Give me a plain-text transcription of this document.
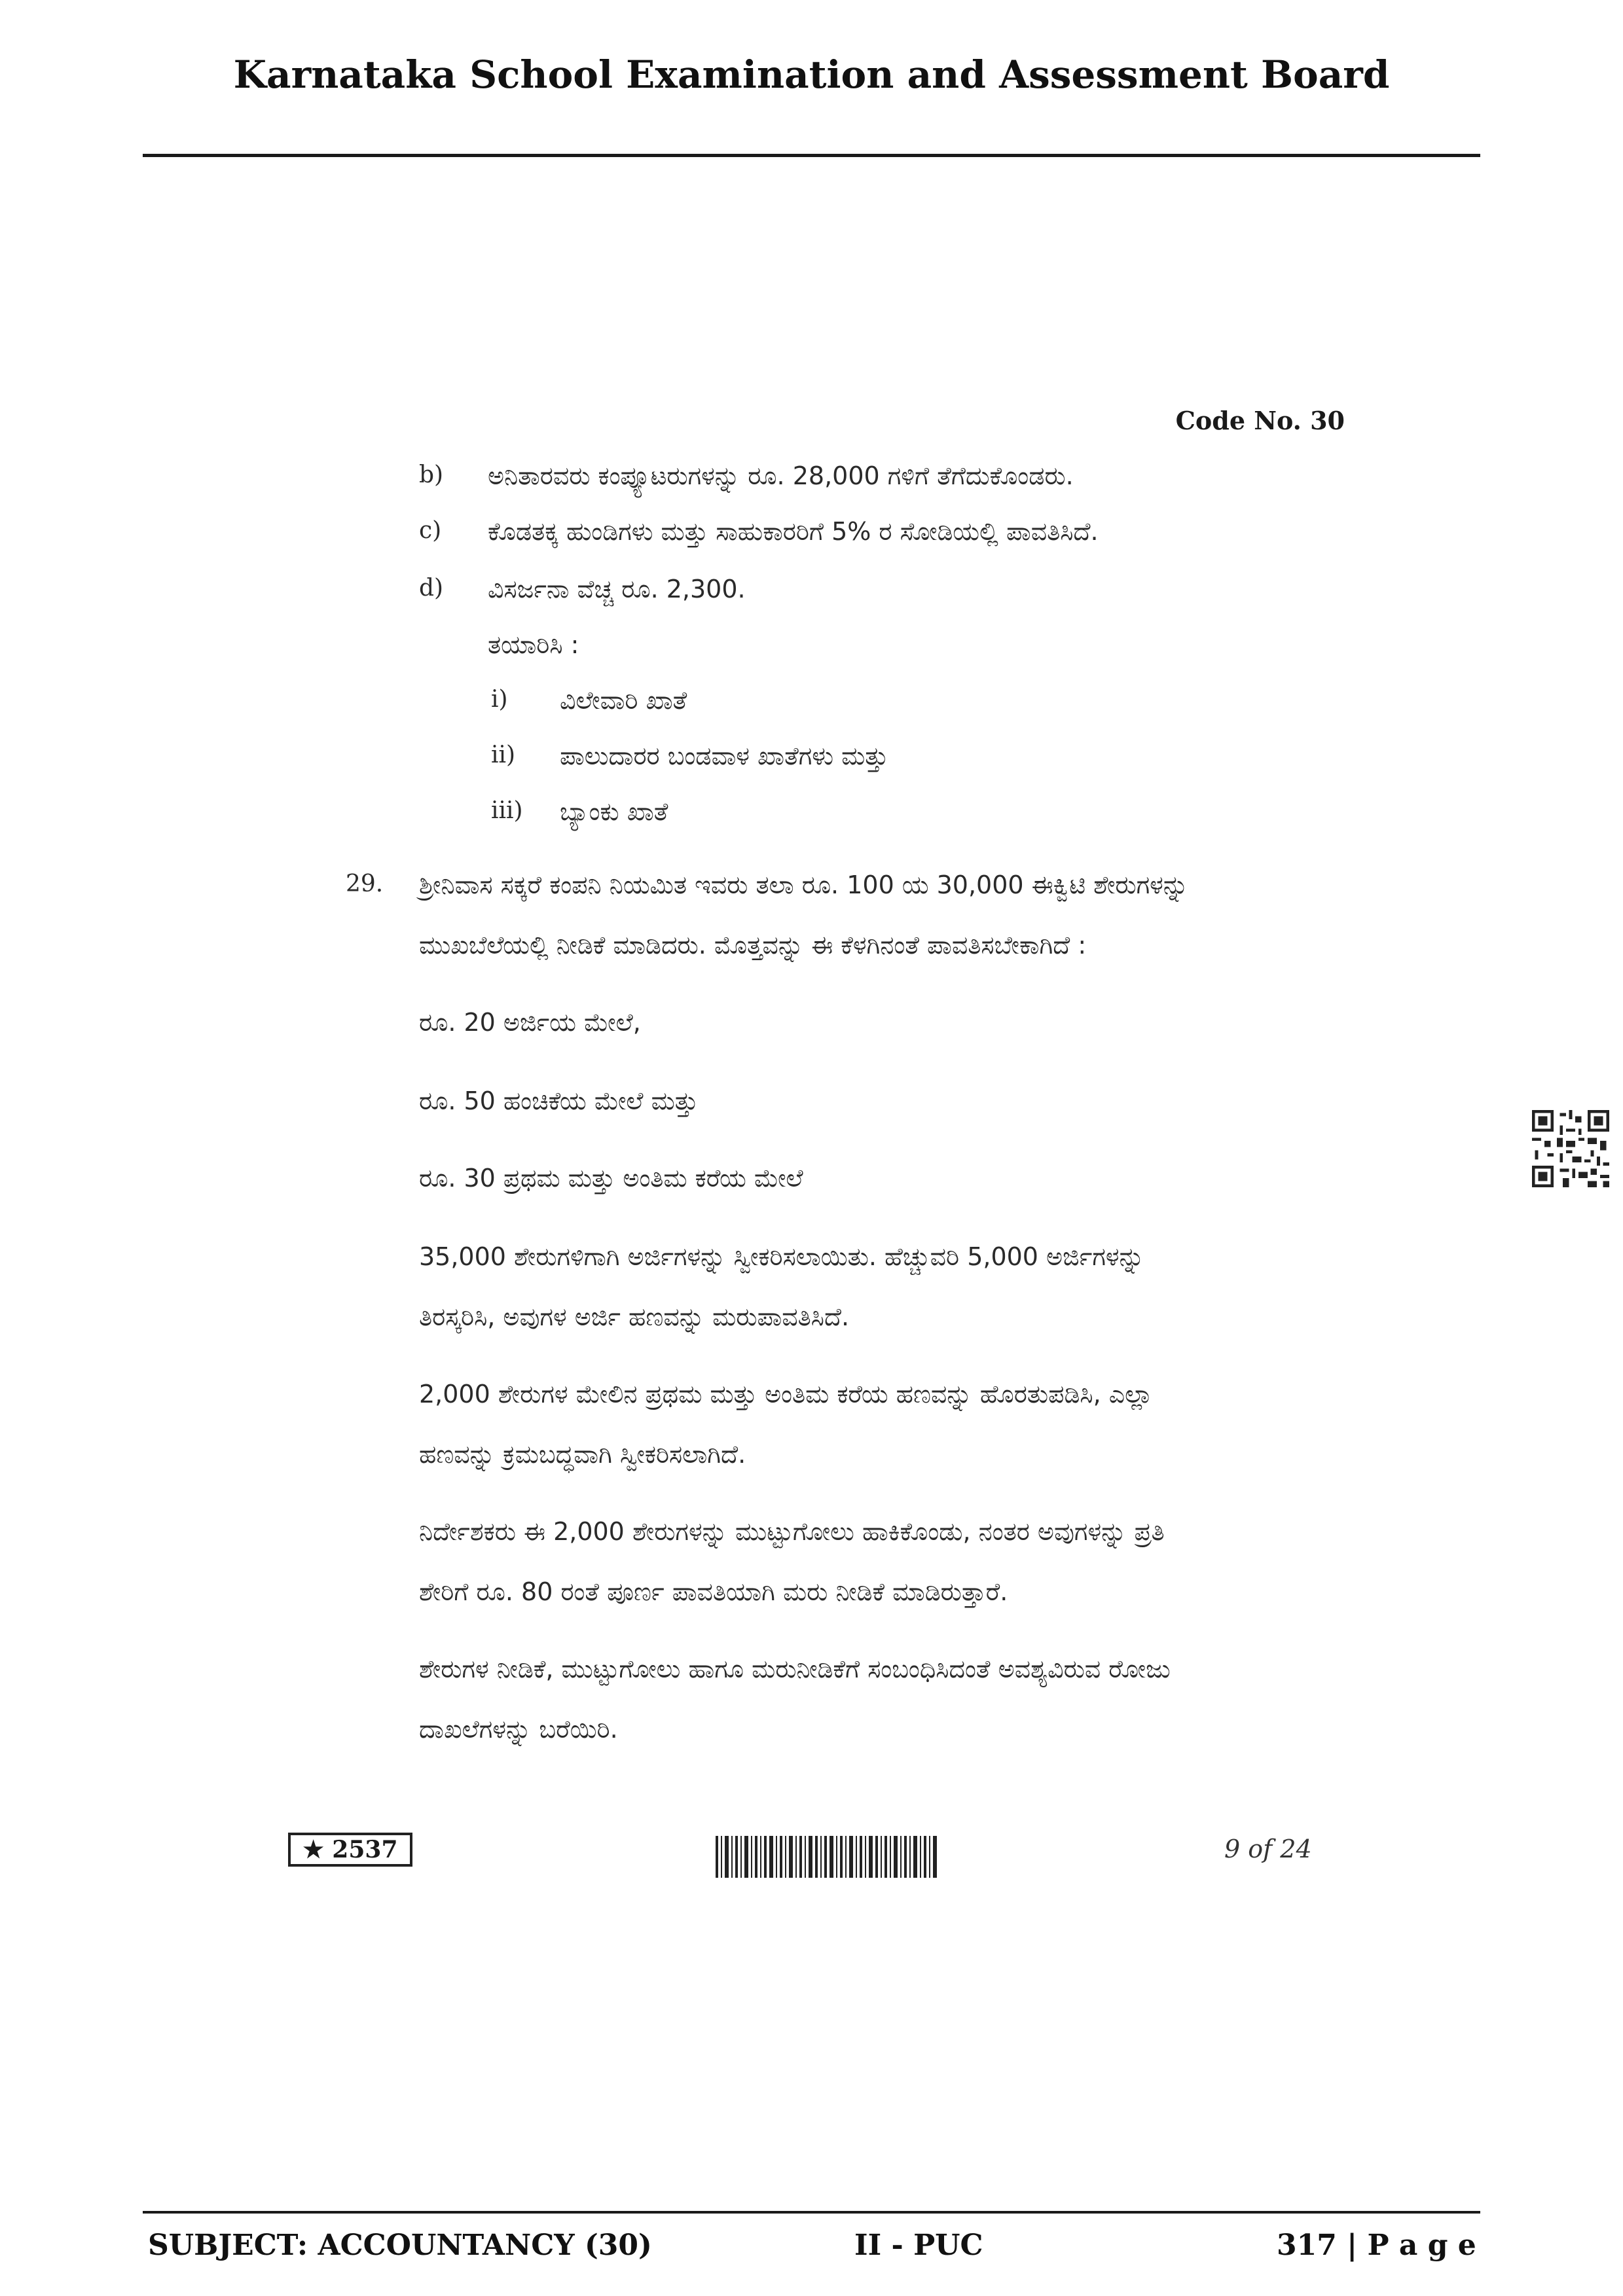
Karnataka School Examination and Assessment Board
Code No. 30
b) ಅನಿತಾರವರು ಕಂಪ್ಯೂಟರುಗಳನ್ನು ರೂ. 28,000 ಗಳಿಗೆ ತೆಗೆದುಕೊಂಡರು.
c) ಕೊಡತಕ್ಕ ಹುಂಡಿಗಳು ಮತ್ತು ಸಾಹುಕಾರರಿಗೆ 5% ರ ಸೋಡಿಯಲ್ಲಿ ಪಾವತಿಸಿದೆ.
d) ವಿಸರ್ಜನಾ ವೆಚ್ಚ ರೂ. 2,300.
ತಯಾರಿಸಿ :
i) ವಿಲೇವಾರಿ ಖಾತೆ
ii) ಪಾಲುದಾರರ ಬಂಡವಾಳ ಖಾತೆಗಳು ಮತ್ತು
iii) ಬ್ಯಾಂಕು ಖಾತೆ
29. ಶ್ರೀನಿವಾಸ ಸಕ್ಕರೆ ಕಂಪನಿ ನಿಯಮಿತ ಇವರು ತಲಾ ರೂ. 100 ಯ 30,000 ಈಕ್ವಿಟಿ ಶೇರುಗಳನ್ನು
ಮುಖಬೆಲೆಯಲ್ಲಿ ನೀಡಿಕೆ ಮಾಡಿದರು. ಮೊತ್ತವನ್ನು ಈ ಕೆಳಗಿನಂತೆ ಪಾವತಿಸಬೇಕಾಗಿದೆ :
ರೂ. 20 ಅರ್ಜಿಯ ಮೇಲೆ,
ರೂ. 50 ಹಂಚಿಕೆಯ ಮೇಲೆ ಮತ್ತು
ರೂ. 30 ಪ್ರಥಮ ಮತ್ತು ಅಂತಿಮ ಕರೆಯ ಮೇಲೆ
35,000 ಶೇರುಗಳಿಗಾಗಿ ಅರ್ಜಿಗಳನ್ನು ಸ್ವೀಕರಿಸಲಾಯಿತು. ಹೆಚ್ಚುವರಿ 5,000 ಅರ್ಜಿಗಳನ್ನು
ತಿರಸ್ಕರಿಸಿ, ಅವುಗಳ ಅರ್ಜಿ ಹಣವನ್ನು ಮರುಪಾವತಿಸಿದೆ.
2,000 ಶೇರುಗಳ ಮೇಲಿನ ಪ್ರಥಮ ಮತ್ತು ಅಂತಿಮ ಕರೆಯ ಹಣವನ್ನು ಹೊರತುಪಡಿಸಿ, ಎಲ್ಲಾ
ಹಣವನ್ನು ಕ್ರಮಬದ್ಧವಾಗಿ ಸ್ವೀಕರಿಸಲಾಗಿದೆ.
ನಿರ್ದೇಶಕರು ಈ 2,000 ಶೇರುಗಳನ್ನು ಮುಟ್ಟುಗೋಲು ಹಾಕಿಕೊಂಡು, ನಂತರ ಅವುಗಳನ್ನು ಪ್ರತಿ
ಶೇರಿಗೆ ರೂ. 80 ರಂತೆ ಪೂರ್ಣ ಪಾವತಿಯಾಗಿ ಮರು ನೀಡಿಕೆ ಮಾಡಿರುತ್ತಾರೆ.
ಶೇರುಗಳ ನೀಡಿಕೆ, ಮುಟ್ಟುಗೋಲು ಹಾಗೂ ಮರುನೀಡಿಕೆಗೆ ಸಂಬಂಧಿಸಿದಂತೆ ಅವಶ್ಯವಿರುವ ರೋಜು
ದಾಖಲೆಗಳನ್ನು ಬರೆಯಿರಿ.
★ 2537	9 of 24
SUBJECT: ACCOUNTANCY (30)	II - PUC	317 | P a g e
